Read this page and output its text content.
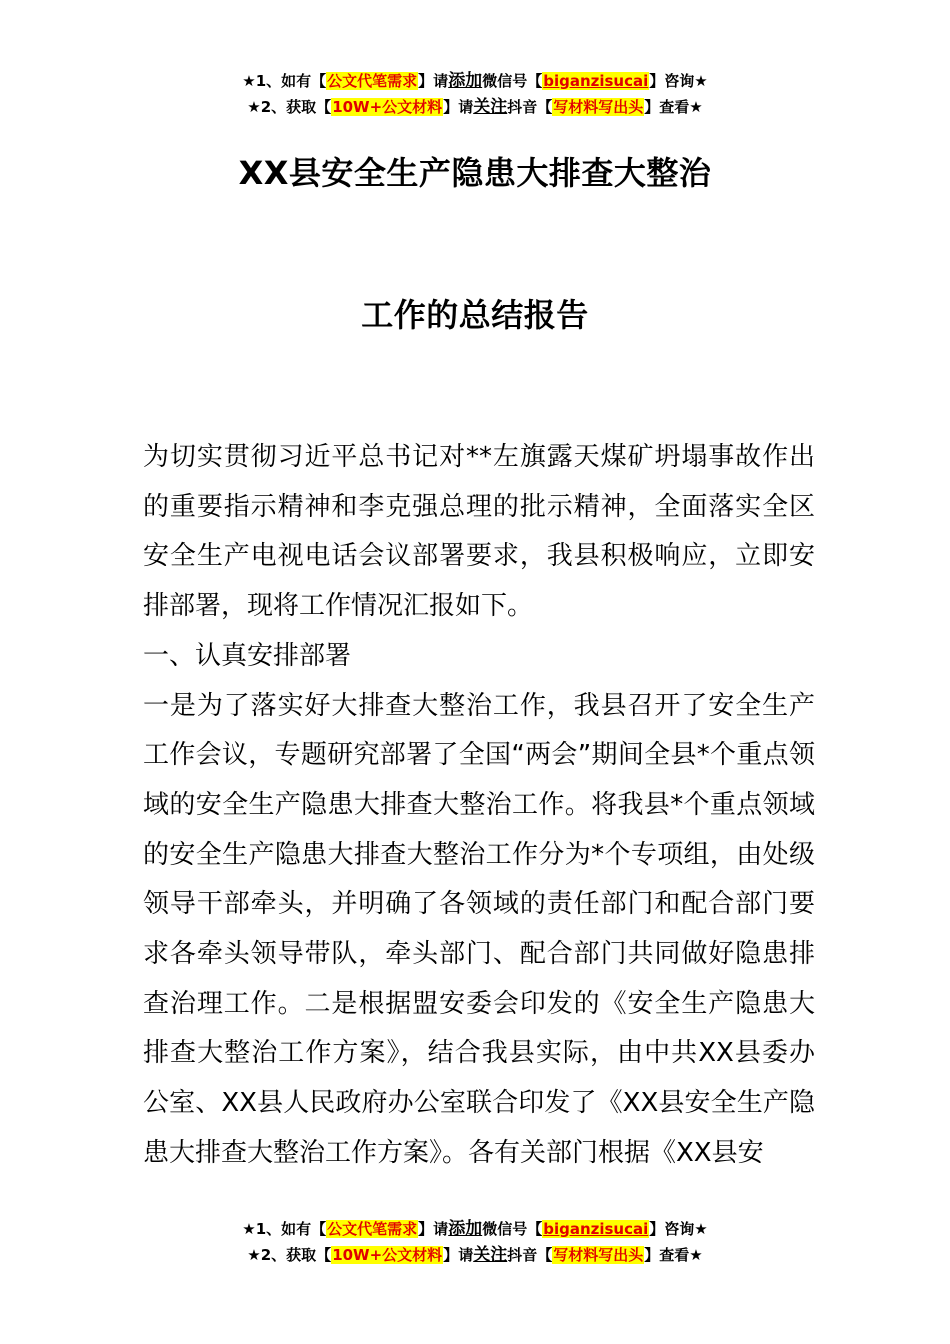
★1、如有【公文代笔需求】请添加微信号【biganzisucai】咨询★
★2、获取【10W+公文材料】请关注抖音【写材料写出头】查看★
XX县安全生产隐患大排查大整治
工作的总结报告

为切实贯彻习近平总书记对**左旗露天煤矿坍塌事故作出的重要指示精神和李克强总理的批示精神，全面落实全区安全生产电视电话会议部署要求，我县积极响应，立即安排部署，现将工作情况汇报如下。

一、认真安排部署

一是为了落实好大排查大整治工作，我县召开了安全生产工作会议，专题研究部署了全国“两会”期间全县*个重点领域的安全生产隐患大排查大整治工作。将我县*个重点领域的安全生产隐患大排查大整治工作分为*个专项组，由处级领导干部牵头，并明确了各领域的责任部门和配合部门要求各牵头领导带队，牵头部门、配合部门共同做好隐患排查治理工作。二是根据盟安委会印发的《安全生产隐患大排查大整治工作方案》，结合我县实际，由中共XX县委办公室、XX县人民政府办公室联合印发了《XX县安全生产隐患大排查大整治工作方案》。各有关部门根据《XX县安

★1、如有【公文代笔需求】请添加微信号【biganzisucai】咨询★
★2、获取【10W+公文材料】请关注抖音【写材料写出头】查看★
